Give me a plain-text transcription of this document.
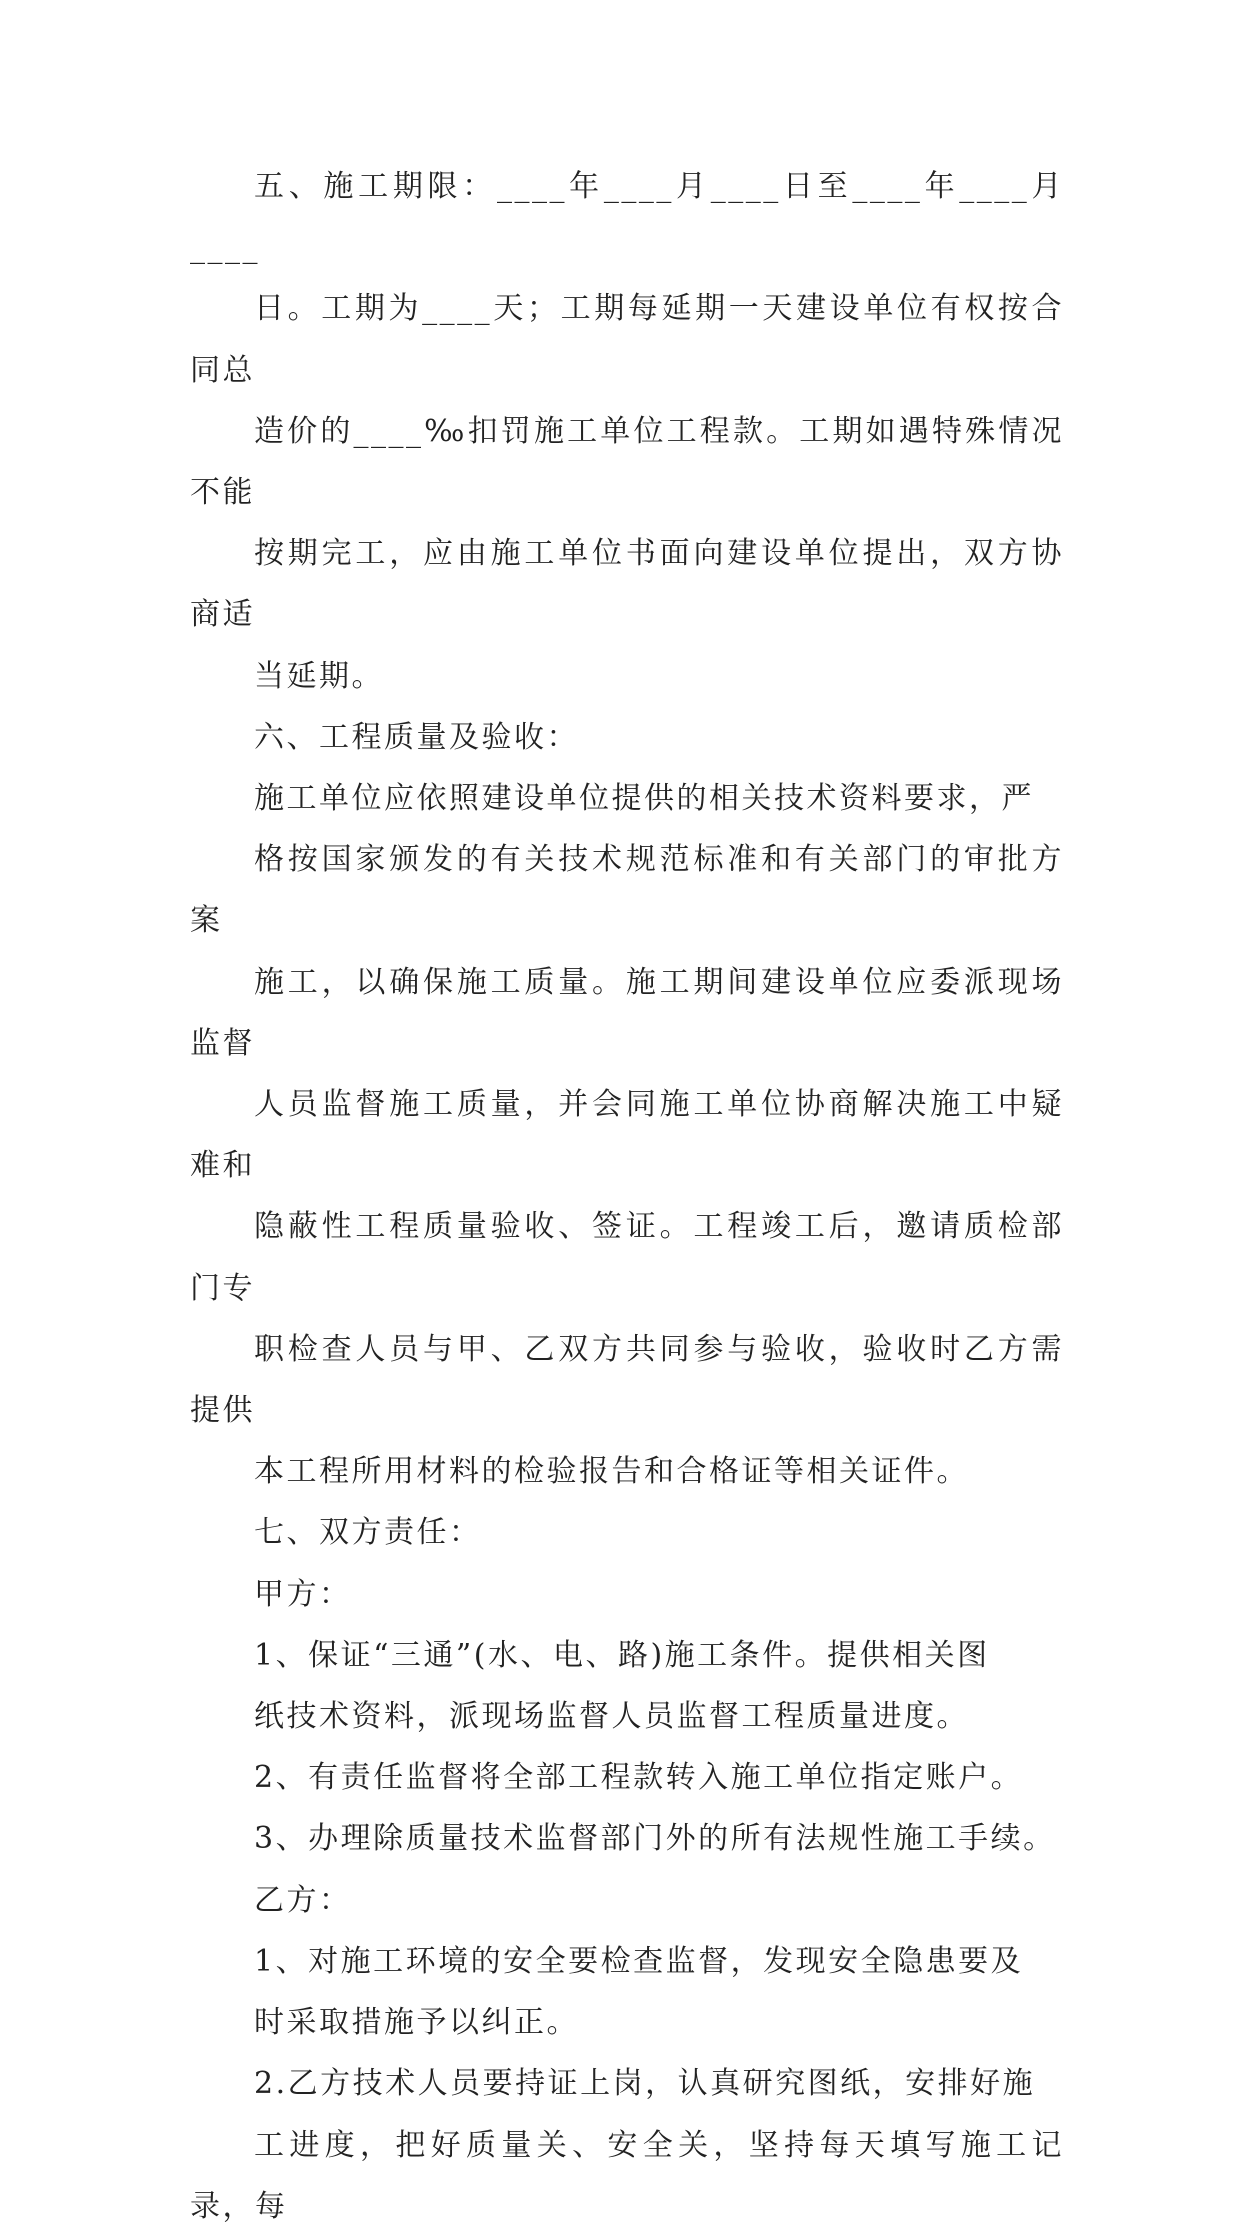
五、施工期限：____年____月____日至____年____月____
日。工期为____天；工期每延期一天建设单位有权按合同总
造价的____‰扣罚施工单位工程款。工期如遇特殊情况不能
按期完工，应由施工单位书面向建设单位提出，双方协商适
当延期。

六、工程质量及验收：

施工单位应依照建设单位提供的相关技术资料要求，严
格按国家颁发的有关技术规范标准和有关部门的审批方案
施工，以确保施工质量。施工期间建设单位应委派现场监督
人员监督施工质量，并会同施工单位协商解决施工中疑难和
隐蔽性工程质量验收、签证。工程竣工后，邀请质检部门专
职检查人员与甲、乙双方共同参与验收，验收时乙方需提供
本工程所用材料的检验报告和合格证等相关证件。

七、双方责任：

甲方：

1、保证“三通”(水、电、路)施工条件。提供相关图
纸技术资料，派现场监督人员监督工程质量进度。

2、有责任监督将全部工程款转入施工单位指定账户。

3、办理除质量技术监督部门外的所有法规性施工手续。

乙方：

1、对施工环境的安全要检查监督，发现安全隐患要及
时采取措施予以纠正。

2.乙方技术人员要持证上岗，认真研究图纸，安排好施
工进度，把好质量关、安全关，坚持每天填写施工记录，每
